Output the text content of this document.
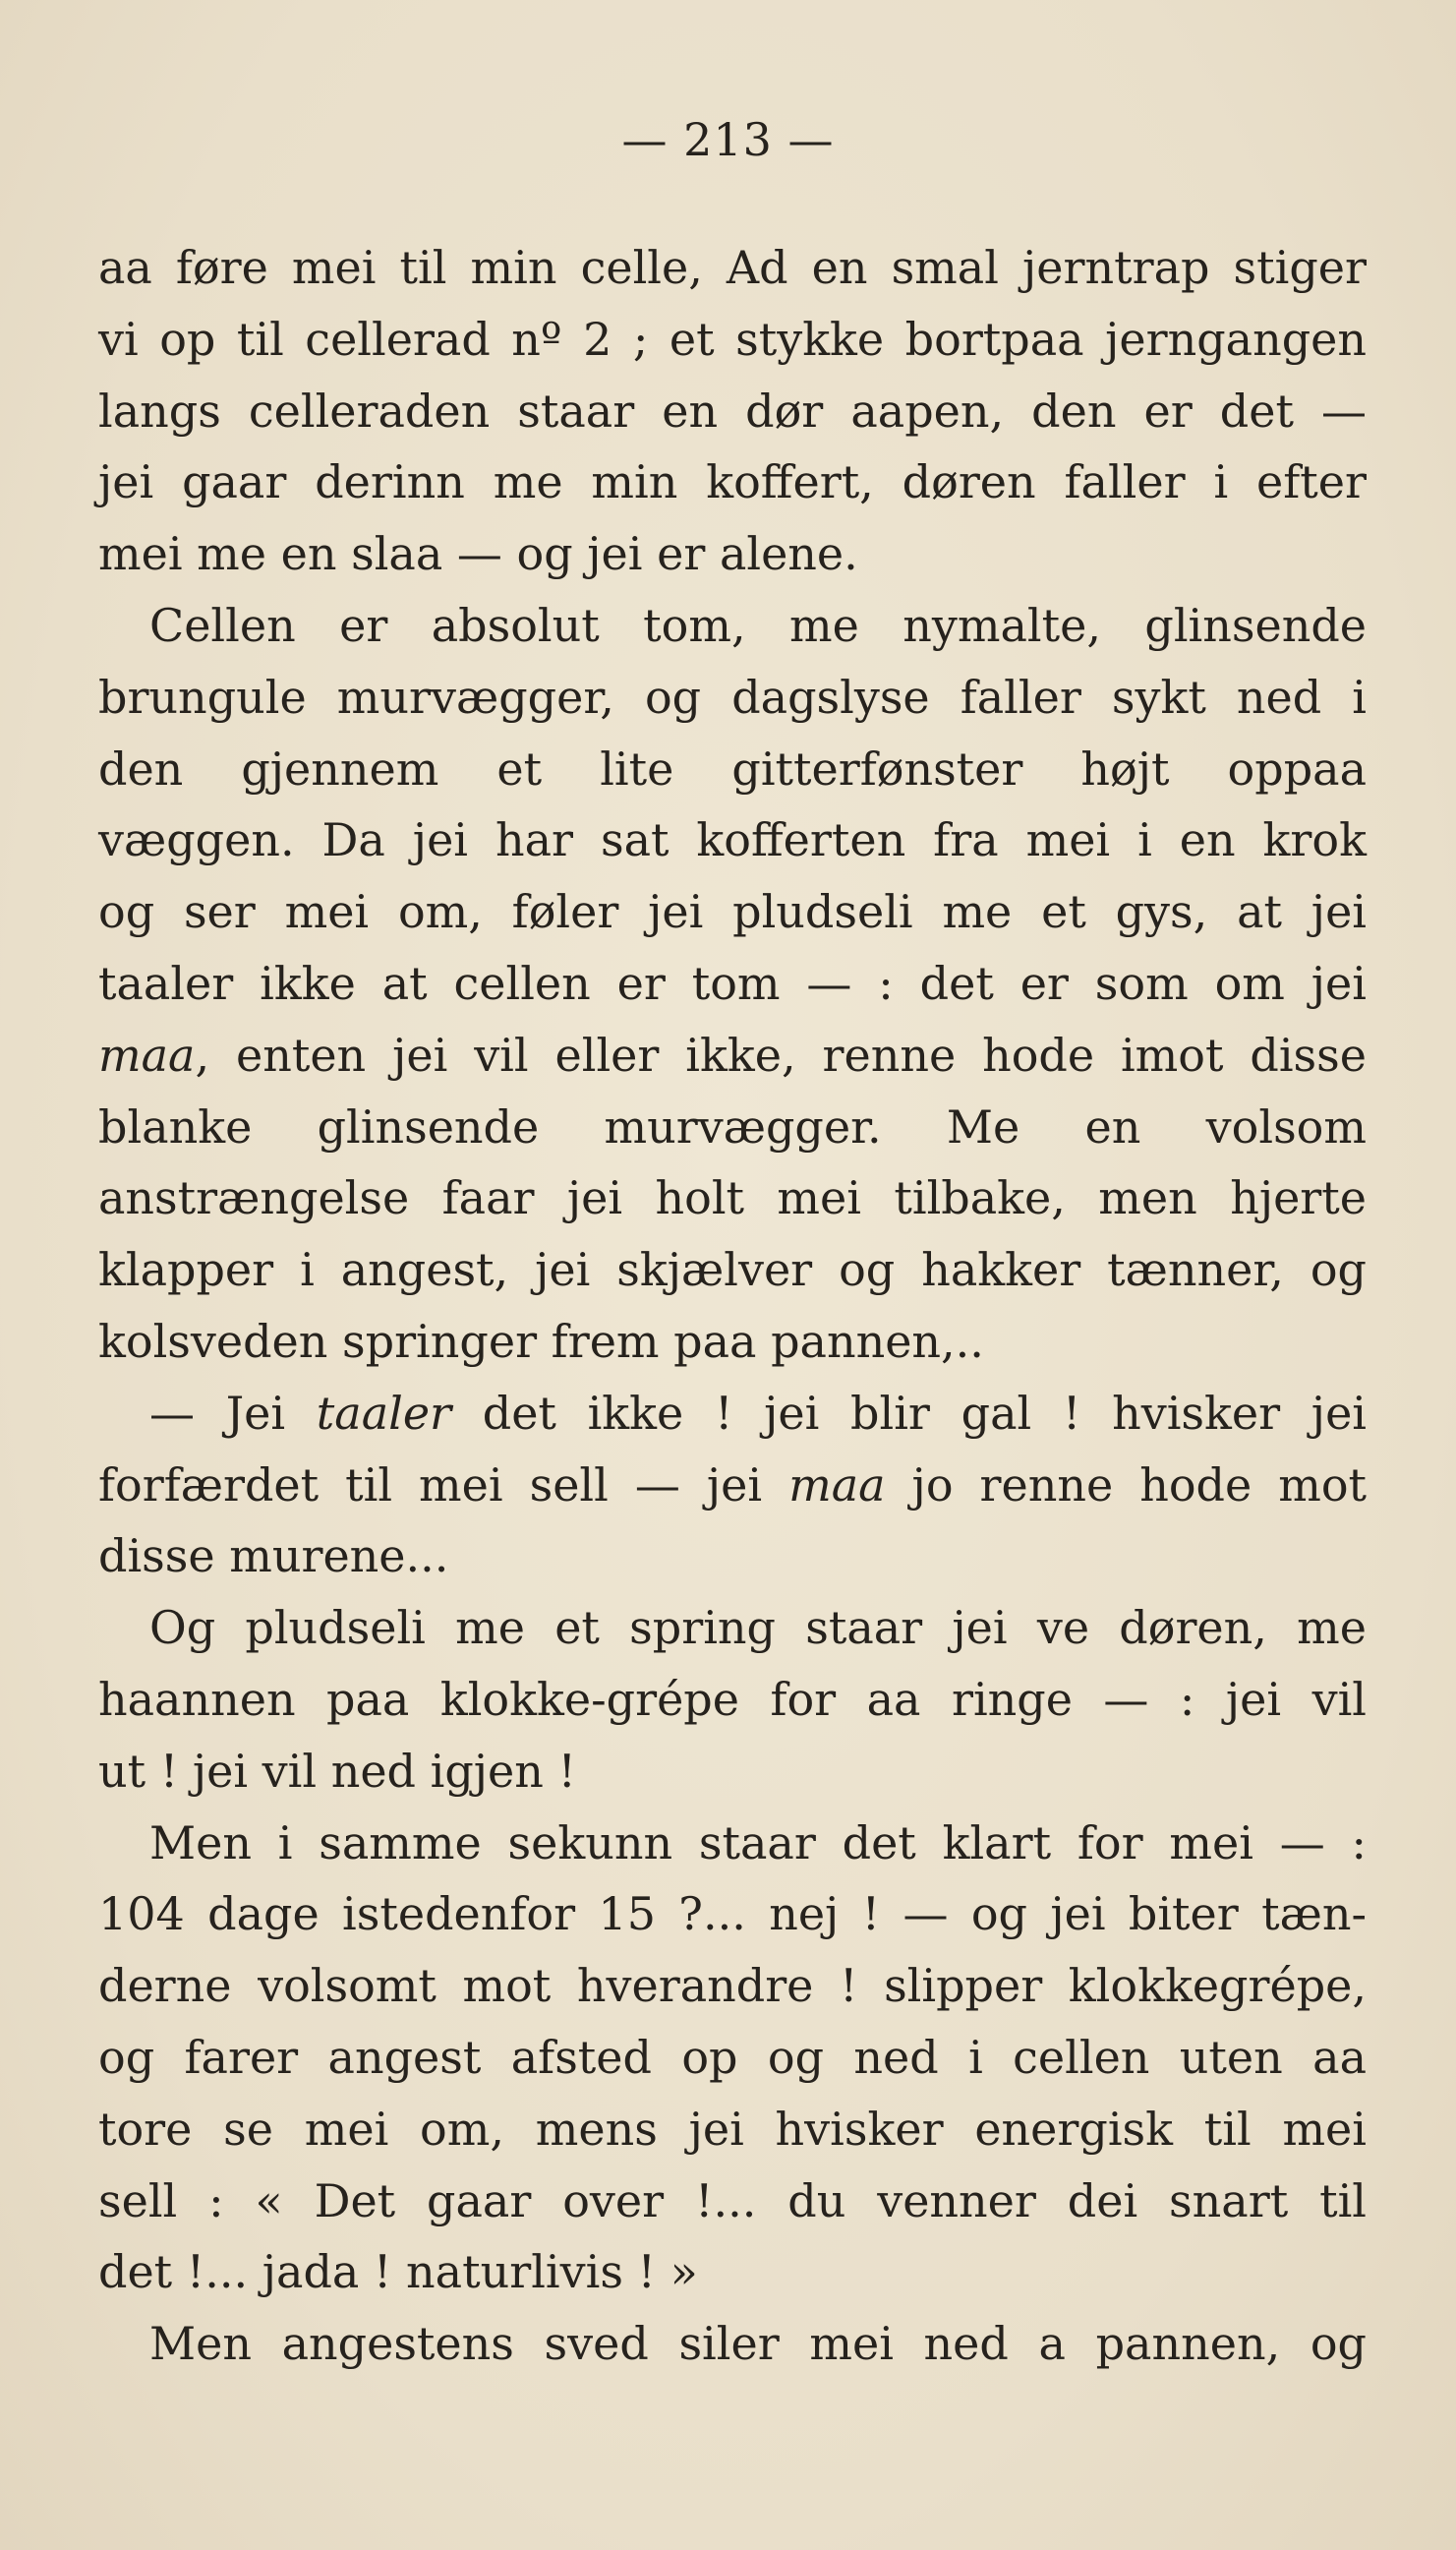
— 213 —
aa føre mei til min celle, Ad en smal jerntrap stiger
vi op til cellerad nº 2 ; et stykke bortpaa jerngangen
langs celleraden staar en dør aapen, den er det —
jei gaar derinn me min koffert, døren faller i efter
mei me en slaa — og jei er alene.
Cellen er absolut tom, me nymalte, glinsende
brungule murvægger, og dagslyse faller sykt ned i
den gjennem et lite gitterfønster højt oppaa
væggen. Da jei har sat kofferten fra mei i en krok
og ser mei om, føler jei pludseli me et gys, at jei
taaler ikke at cellen er tom — : det er som om jei
maa, enten jei vil eller ikke, renne hode imot disse
blanke glinsende murvægger. Me en volsom
anstrængelse faar jei holt mei tilbake, men hjerte
klapper i angest, jei skjælver og hakker tænner, og
kolsveden springer frem paa pannen,..
— Jei taaler det ikke ! jei blir gal ! hvisker jei
forfærdet til mei sell — jei maa jo renne hode mot
disse murene...
Og pludseli me et spring staar jei ve døren, me
haannen paa klokke-grépe for aa ringe — : jei vil
ut ! jei vil ned igjen !
Men i samme sekunn staar det klart for mei — :
104 dage istedenfor 15 ?... nej ! — og jei biter tæn-
derne volsomt mot hverandre ! slipper klokkegrépe,
og farer angest afsted op og ned i cellen uten aa
tore se mei om, mens jei hvisker energisk til mei
sell : « Det gaar over !... du venner dei snart til
det !... jada ! naturlivis ! »
Men angestens sved siler mei ned a pannen, og
